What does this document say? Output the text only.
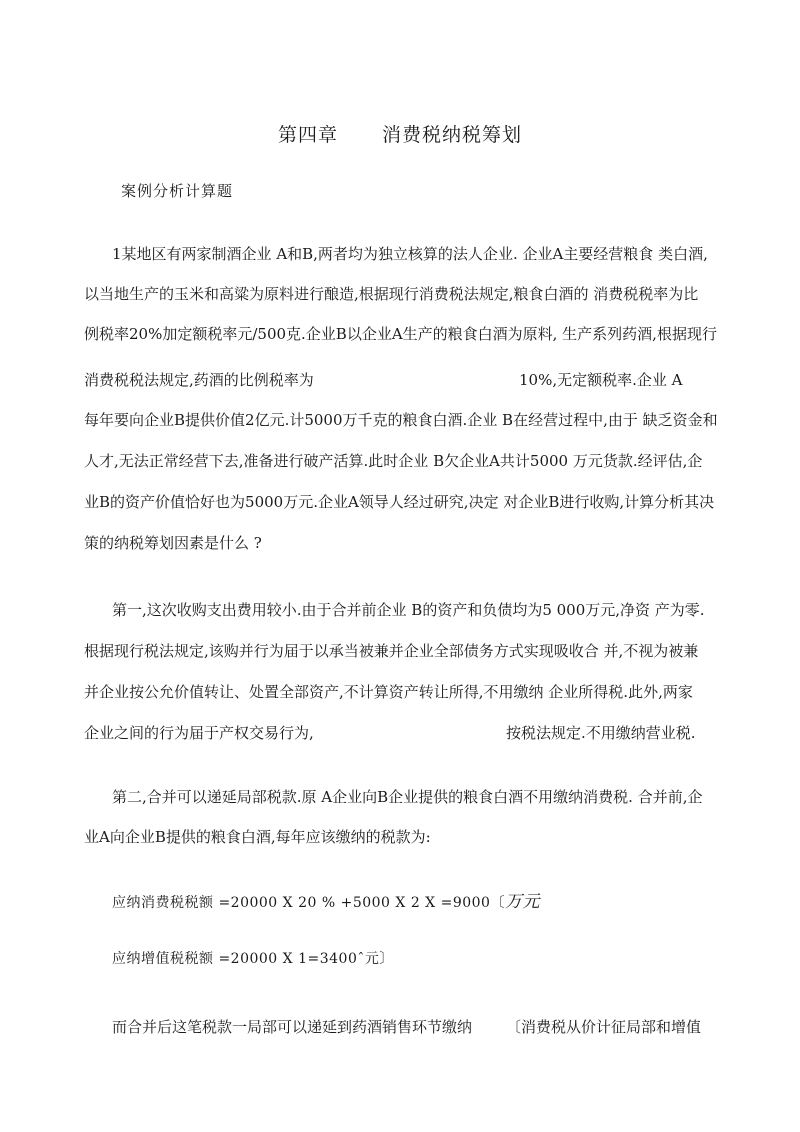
第四章 消费税纳税筹划
案例分析计算题
1某地区有两家制酒企业 A和B,两者均为独立核算的法人企业. 企业A主要经营粮食 类白酒,
以当地生产的玉米和高粱为原料进行酿造,根据现行消费税法规定,粮食白酒的 消费税税率为比
例税率20%加定额税率元/500克.企业B以企业A生产的粮食白酒为原料, 生产系列药酒,根据现行
消费税税法规定,药酒的比例税率为	10%,无定额税率.企业 A
每年要向企业B提供价值2亿元.计5000万千克的粮食白酒.企业 B在经营过程中,由于 缺乏资金和
人才,无法正常经营下去,准备进行破产活算.此时企业 B欠企业A共计5000 万元货款.经评估,企
业B的资产价值恰好也为5000万元.企业A领导人经过研究,决定 对企业B进行收购,计算分析其决
策的纳税筹划因素是什么 ?
第一,这次收购支出费用较小.由于合并前企业 B的资产和负债均为5 000万元,净资 产为零.
根据现行税法规定,该购并行为届于以承当被兼并企业全部债务方式实现吸收合 并,不视为被兼
并企业按公允价值转让、处置全部资产,不计算资产转让所得,不用缴纳 企业所得税.此外,两家
企业之间的行为届于产权交易行为,	按税法规定.不用缴纳营业税.
第二,合并可以递延局部税款.原 A企业向B企业提供的粮食白酒不用缴纳消费税. 合并前,企
业A向企业B提供的粮食白酒,每年应该缴纳的税款为:
应纳消费税税额 =20000 X 20 % +5000 X 2 X =9000〔万元
应纳增值税税额 =20000 X 1=3400ˆ元〕
而合并后这笔税款一局部可以递延到药酒销售环节缴纳	〔消费税从价计征局部和增值
